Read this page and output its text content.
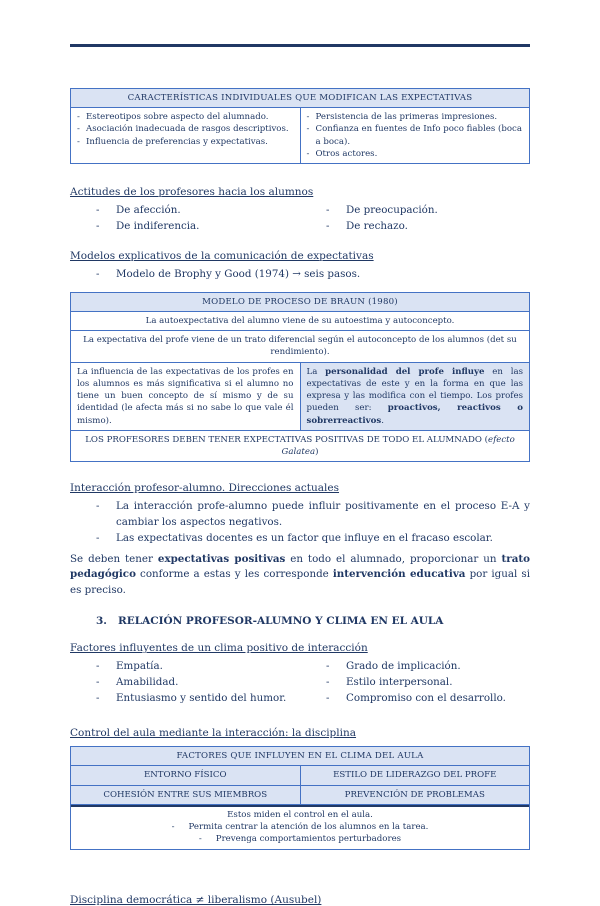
CARACTERÍSTICAS INDIVIDUALES QUE MODIFICAN LAS EXPECTATIVAS

- Estereotipos sobre aspecto del alumnado.
- Asociación inadecuada de rasgos descriptivos.
- Influencia de preferencias y expectativas.

- Persistencia de las primeras impresiones.
- Confianza en fuentes de Info poco fiables (boca a boca).
- Otros actores.
Actitudes de los profesores hacia los alumnos
-	De afección.
-	De indiferencia.
-	De preocupación.
-	De rechazo.
Modelos explicativos de la comunicación de expectativas
-	Modelo de Brophy y Good (1974) → seis pasos.
MODELO DE PROCESO DE BRAUN (1980)
La autoexpectativa del alumno viene de su autoestima y autoconcepto.
La expectativa del profe viene de un trato diferencial según el autoconcepto de los alumnos (det su rendimiento).
La influencia de las expectativas de los profes en los alumnos es más significativa si el alumno no tiene un buen concepto de sí mismo y de su identidad (le afecta más si no sabe lo que vale él mismo).	La personalidad del profe influye en las expectativas de este y en la forma en que las expresa y las modifica con el tiempo. Los profes pueden ser: proactivos, reactivos o sobrerreactivos.
LOS PROFESORES DEBEN TENER EXPECTATIVAS POSITIVAS DE TODO EL ALUMNADO (efecto Galatea)
Interacción profesor-alumno. Direcciones actuales
-	La interacción profe-alumno puede influir positivamente en el proceso E-A y cambiar los aspectos negativos.
-	Las expectativas docentes es un factor que influye en el fracaso escolar.

Se deben tener expectativas positivas en todo el alumnado, proporcionar un trato pedagógico conforme a estas y les corresponde intervención educativa por igual si es preciso.

3.	RELACIÓN PROFESOR-ALUMNO Y CLIMA EN EL AULA
Factores influyentes de un clima positivo de interacción
-	Empatía.
-	Amabilidad.
-	Entusiasmo y sentido del humor.
-	Grado de implicación.
-	Estilo interpersonal.
-	Compromiso con el desarrollo.
Control del aula mediante la interacción: la disciplina
FACTORES QUE INFLUYEN EN EL CLIMA DEL AULA	
ENTORNO FÍSICO	ESTILO DE LIDERAZGO DEL PROFE
COHESIÓN ENTRE SUS MIEMBROS	PREVENCIÓN DE PROBLEMAS

Estos miden el control en el aula.
- Permita centrar la atención de los alumnos en la tarea.
- Prevenga comportamientos perturbadores	
Disciplina democrática ≠ liberalismo (Ausubel)
